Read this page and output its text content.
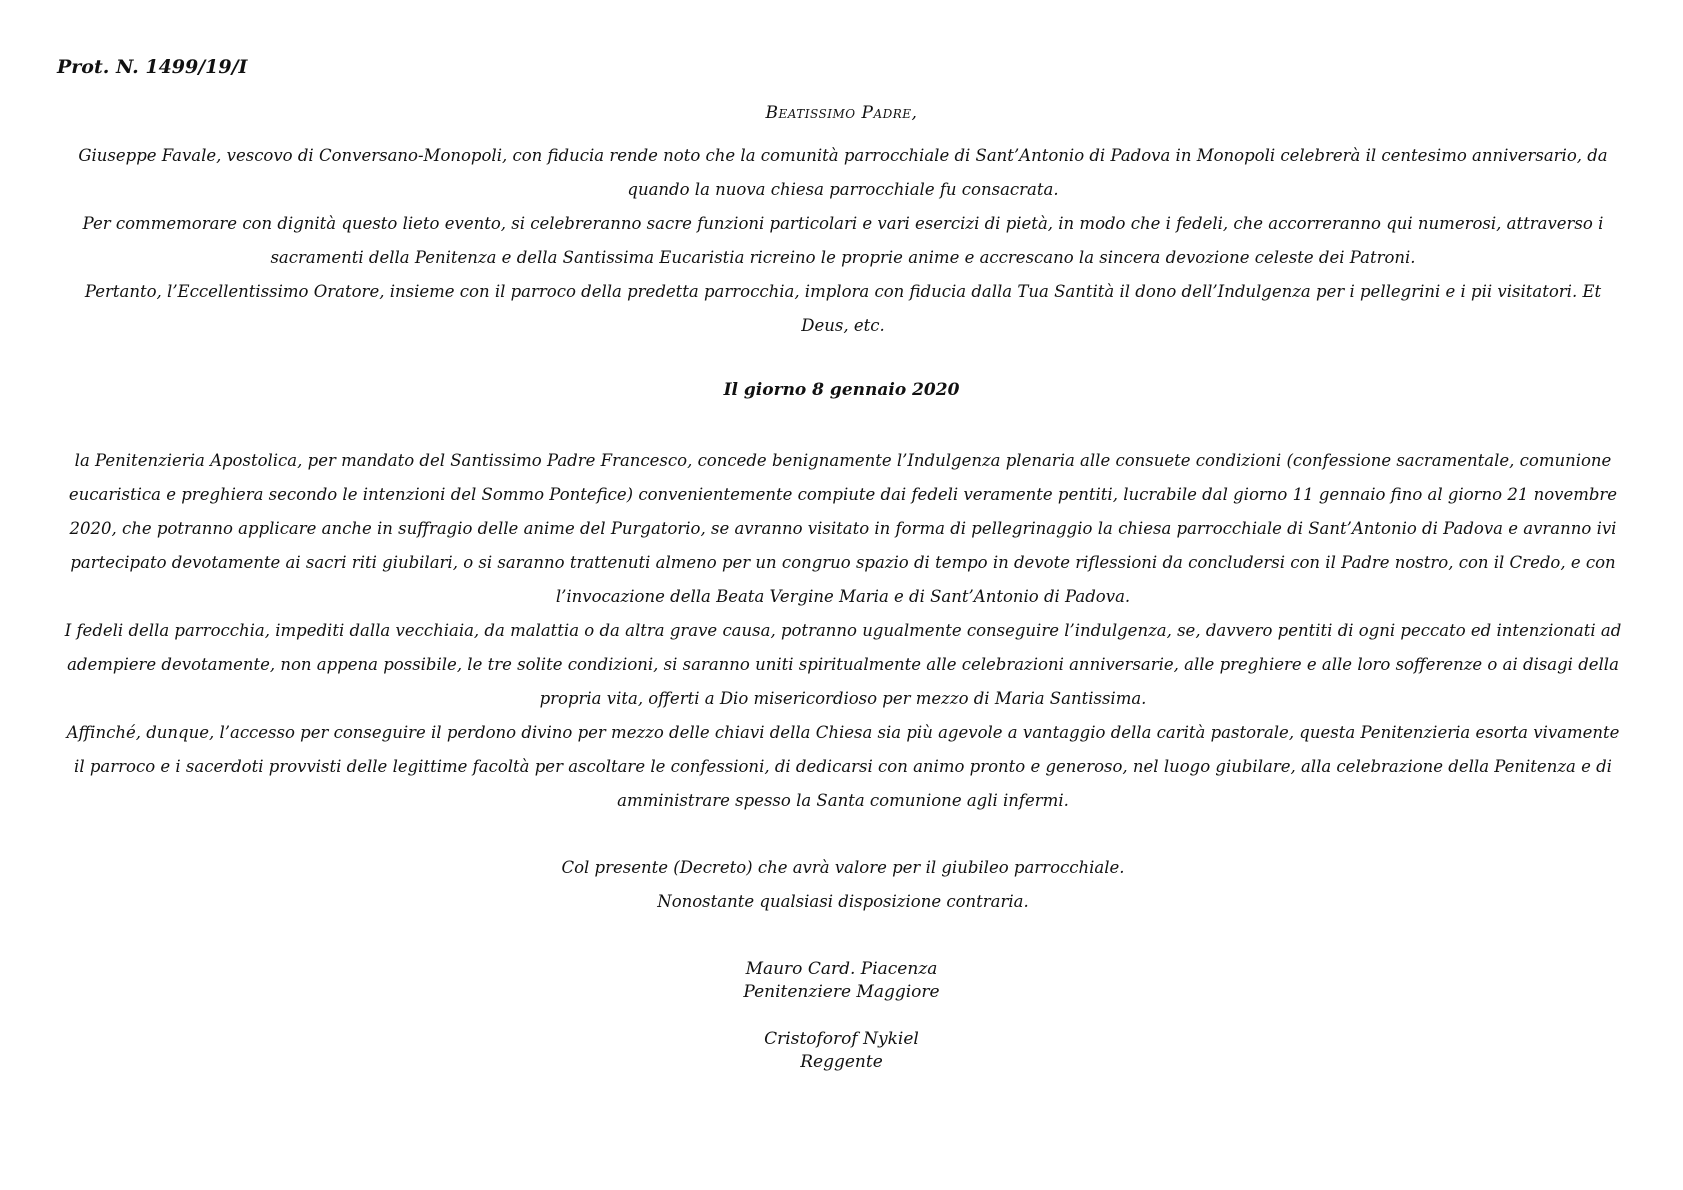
Prot. N. 1499/19/I

Beatissimo Padre,

Giuseppe Favale, vescovo di Conversano-Monopoli, con fiducia rende noto che la comunità parrocchiale di Sant’Antonio di Padova in Monopoli celebrerà il centesimo anniversario, da quando la nuova chiesa parrocchiale fu consacrata.

Per commemorare con dignità questo lieto evento, si celebreranno sacre funzioni particolari e vari esercizi di pietà, in modo che i fedeli, che accorreranno qui numerosi, attraverso i sacramenti della Penitenza e della Santissima Eucaristia ricreino le proprie anime e accrescano la sincera devozione celeste dei Patroni.

Pertanto, l’Eccellentissimo Oratore, insieme con il parroco della predetta parrocchia, implora con fiducia dalla Tua Santità il dono dell’Indulgenza per i pellegrini e i pii visitatori. Et Deus, etc.

Il giorno 8 gennaio 2020

la Penitenzieria Apostolica, per mandato del Santissimo Padre Francesco, concede benignamente l’Indulgenza plenaria alle consuete condizioni (confessione sacramentale, comunione eucaristica e preghiera secondo le intenzioni del Sommo Pontefice) convenientemente compiute dai fedeli veramente pentiti, lucrabile dal giorno 11 gennaio fino al giorno 21 novembre 2020, che potranno applicare anche in suffragio delle anime del Purgatorio, se avranno visitato in forma di pellegrinaggio la chiesa parrocchiale di Sant’Antonio di Padova e avranno ivi partecipato devotamente ai sacri riti giubilari, o si saranno trattenuti almeno per un congruo spazio di tempo in devote riflessioni da concludersi con il Padre nostro, con il Credo, e con l’invocazione della Beata Vergine Maria e di Sant’Antonio di Padova.

I fedeli della parrocchia, impediti dalla vecchiaia, da malattia o da altra grave causa, potranno ugualmente conseguire l’indulgenza, se, davvero pentiti di ogni peccato ed intenzionati ad adempiere devotamente, non appena possibile, le tre solite condizioni, si saranno uniti spiritualmente alle celebrazioni anniversarie, alle preghiere e alle loro sofferenze o ai disagi della propria vita, offerti a Dio misericordioso per mezzo di Maria Santissima.

Affinché, dunque, l’accesso per conseguire il perdono divino per mezzo delle chiavi della Chiesa sia più agevole a vantaggio della carità pastorale, questa Penitenzieria esorta vivamente il parroco e i sacerdoti provvisti delle legittime facoltà per ascoltare le confessioni, di dedicarsi con animo pronto e generoso, nel luogo giubilare, alla celebrazione della Penitenza e di amministrare spesso la Santa comunione agli infermi.

Col presente (Decreto) che avrà valore per il giubileo parrocchiale.

Nonostante qualsiasi disposizione contraria.

Mauro Card. Piacenza
Penitenziere Maggiore
Cristoforof Nykiel
Reggente
